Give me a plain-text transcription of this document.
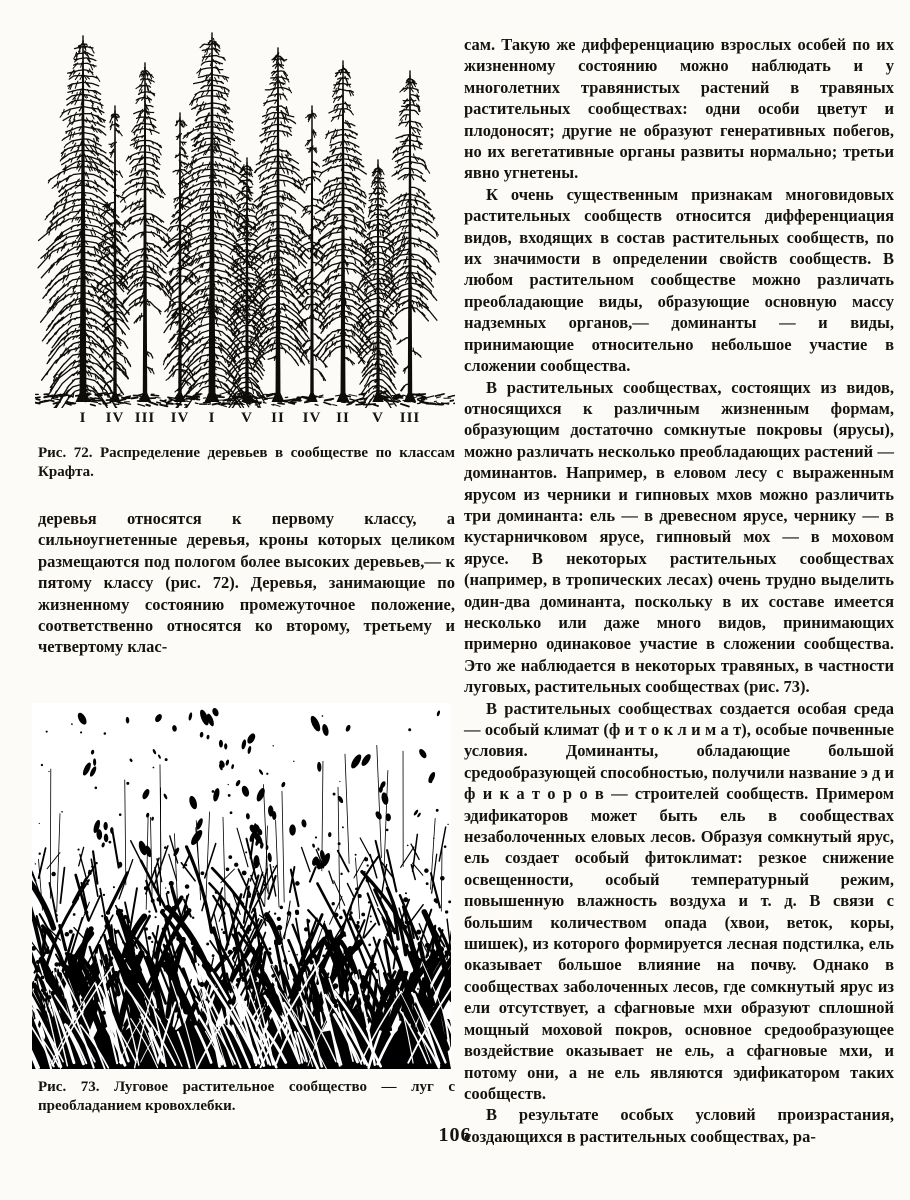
I	IV III	IV	I	V	II	IV II	V	III

Рис. 72. Распределение деревьев в сообществе по классам Крафта.

деревья относятся к первому классу, а сильноугнетенные деревья, кроны которых целиком размещаются под пологом более высоких деревьев,— к пятому классу (рис. 72). Деревья, занимающие по жизненному состоянию промежуточное положение, соответственно относятся ко второму, третьему и четвертому клас-

Рис. 73. Луговое растительное сообщество — луг с преобладанием кровохлебки.

сам. Такую же дифференциацию взрослых особей по их жизненному состоянию можно наблюдать и у многолетних травянистых растений в травяных растительных сообществах: одни особи цветут и плодоносят; другие не образуют генеративных побегов, но их вегетативные органы развиты нормально; третьи явно угнетены.

К очень существенным признакам многовидовых растительных сообществ относится дифференциация видов, входящих в состав растительных сообществ, по их значимости в определении свойств сообществ. В любом растительном сообществе можно различать преобладающие виды, образующие основную массу надземных органов,— доминанты — и виды, принимающие относительно небольшое участие в сложении сообщества.

В растительных сообществах, состоящих из видов, относящихся к различным жизненным формам, образующим достаточно сомкнутые покровы (ярусы), можно различать несколько преобладающих растений — доминантов. Например, в еловом лесу с выраженным ярусом из черники и гипновых мхов можно различить три доминанта: ель — в древесном ярусе, чернику — в кустарничковом ярусе, гипновый мох — в моховом ярусе. В некоторых растительных сообществах (например, в тропических лесах) очень трудно выделить один-два доминанта, поскольку в их составе имеется несколько или даже много видов, принимающих примерно одинаковое участие в сложении сообщества. Это же наблюдается в некоторых травяных, в частности луговых, растительных сообществах (рис. 73).

В растительных сообществах создается особая среда — особый климат (ф и т о к л и м а т), особые почвенные условия. Доминанты, обладающие большой средообразующей способностью, получили название э д и ф и к а т о р о в — строителей сообществ. Примером эдификаторов может быть ель в сообществах незаболоченных еловых лесов. Образуя сомкнутый ярус, ель создает особый фитоклимат: резкое снижение освещенности, особый температурный режим, повышенную влажность воздуха и т. д. В связи с большим количеством опада (хвои, веток, коры, шишек), из которого формируется лесная подстилка, ель оказывает большое влияние на почву. Однако в сообществах заболоченных лесов, где сомкнутый ярус из ели отсутствует, а сфагновые мхи образуют сплошной мощный моховой покров, основное средообразующее воздействие оказывает не ель, а сфагновые мхи, и потому они, а не ель являются эдификатором таких сообществ.

В результате особых условий произрастания, создающихся в растительных сообществах, ра-

106
